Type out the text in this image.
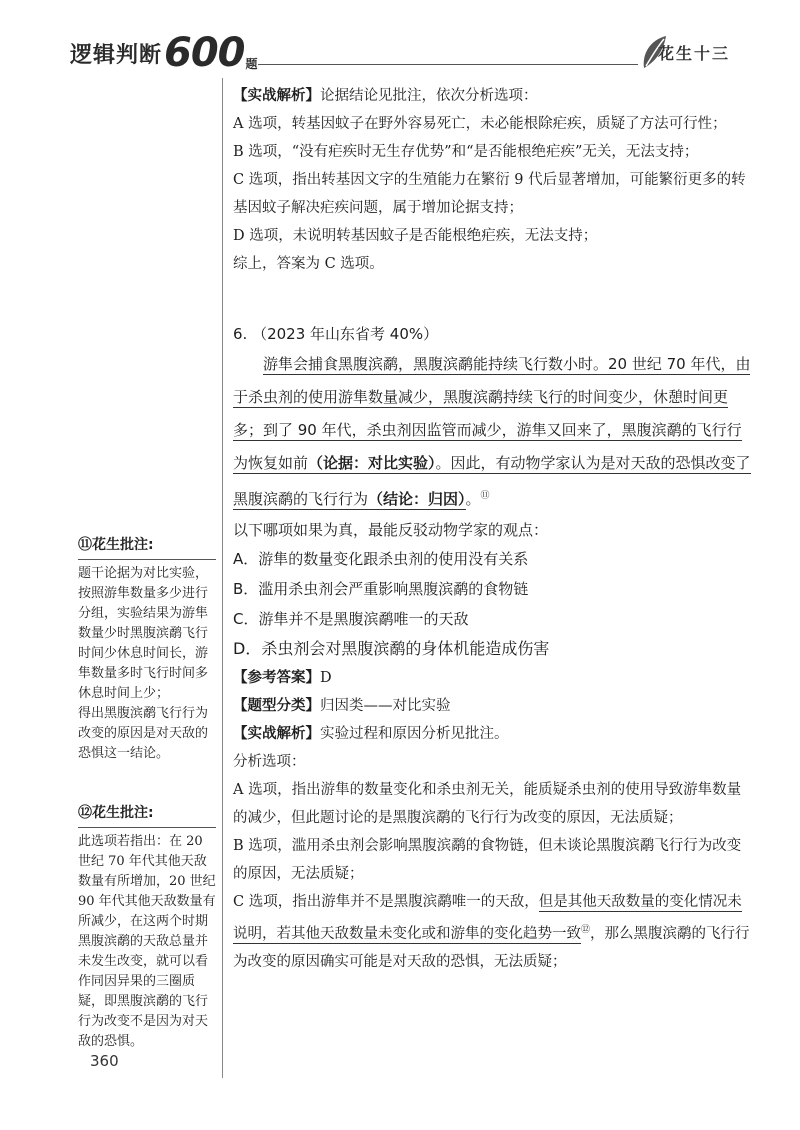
逻辑判断$600_题$
花生十三

【实战解析】论据结论见批注，依次分析选项：

A 选项，转基因蚊子在野外容易死亡，未必能根除疟疾，质疑了方法可行性；

B 选项，“没有疟疾时无生存优势”和“是否能根绝疟疾”无关，无法支持；

C 选项，指出转基因文字的生殖能力在繁衍 9 代后显著增加，可能繁衍更多的转基因蚊子解决疟疾问题，属于增加论据支持；

D 选项，未说明转基因蚊子是否能根绝疟疾，无法支持；

综上，答案为 C 选项。

6. （2023 年山东省考 40%）

游隼会捕食黑腹滨鹬，黑腹滨鹬能持续飞行数小时。20 世纪 70 年代，由于杀虫剂的使用游隼数量减少，黑腹滨鹬持续飞行的时间变少，休憩时间更多；到了 90 年代，杀虫剂因监管而减少，游隼又回来了，黑腹滨鹬的飞行行为恢复如前（论据：对比实验）。因此，有动物学家认为是对天敌的恐惧改变了黑腹滨鹬的飞行行为（结论：归因）。⑪

以下哪项如果为真，最能反驳动物学家的观点：

A．游隼的数量变化跟杀虫剂的使用没有关系

B．滥用杀虫剂会严重影响黑腹滨鹬的食物链

C．游隼并不是黑腹滨鹬唯一的天敌

D．杀虫剂会对黑腹滨鹬的身体机能造成伤害

【参考答案】D

【题型分类】归因类——对比实验

【实战解析】实验过程和原因分析见批注。

分析选项：

A 选项，指出游隼的数量变化和杀虫剂无关，能质疑杀虫剂的使用导致游隼数量的减少，但此题讨论的是黑腹滨鹬的飞行行为改变的原因，无法质疑；

B 选项，滥用杀虫剂会影响黑腹滨鹬的食物链，但未谈论黑腹滨鹬飞行行为改变的原因，无法质疑；

C 选项，指出游隼并不是黑腹滨鹬唯一的天敌，但是其他天敌数量的变化情况未说明，若其他天敌数量未变化或和游隼的变化趋势一致⑫，那么黑腹滨鹬的飞行行为改变的原因确实可能是对天敌的恐惧，无法质疑；

⑪花生批注:

题干论据为对比实验，按照游隼数量多少进行分组，实验结果为游隼数量少时黑腹滨鹬飞行时间少休息时间长，游隼数量多时飞行时间多休息时间上少；

得出黑腹滨鹬飞行行为改变的原因是对天敌的恐惧这一结论。

⑫花生批注:

此选项若指出：在 20 世纪 70 年代其他天敌数量有所增加，20 世纪 90 年代其他天敌数量有所减少，在这两个时期黑腹滨鹬的天敌总量并未发生改变，就可以看作同因异果的三圈质疑，即黑腹滨鹬的飞行行为改变不是因为对天敌的恐惧。

360
